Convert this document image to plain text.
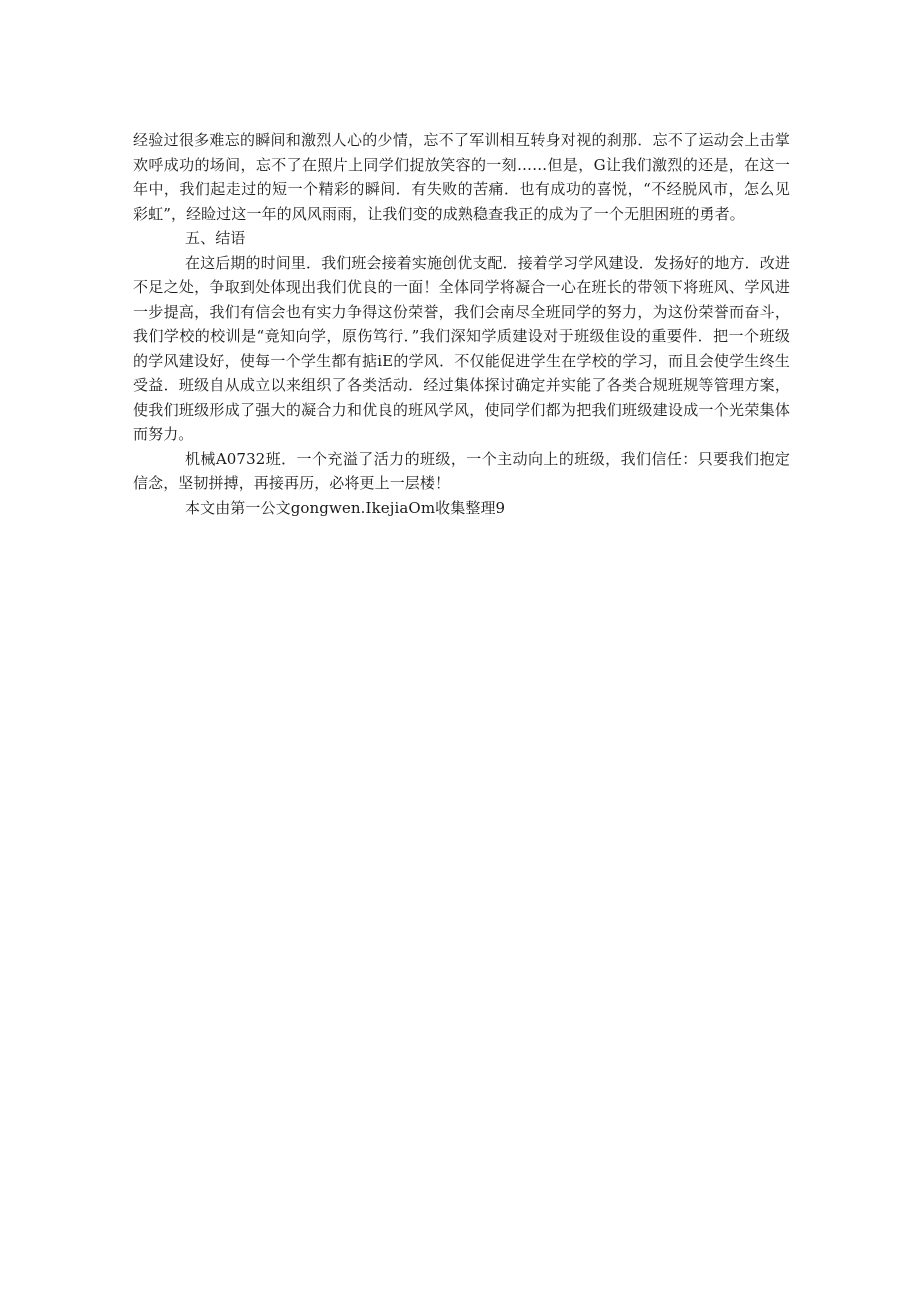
经验过很多难忘的瞬间和激烈人心的少情，忘不了军训相互转身对视的刹那．忘不了运动会上击掌欢呼成功的场间，忘不了在照片上同学们捉放笑容的一刻……但是，G让我们激烈的还是，在这一年中，我们起走过的短一个精彩的瞬间．有失败的苦痛．也有成功的喜悦，“不经脱风市，怎么见彩虹”，经睑过这一年的风风雨雨，让我们变的成熟稳查我正的成为了一个无胆困班的勇者。

五、结语

在这后期的时间里．我们班会接着实施创优支配．接着学习学风建设．发扬好的地方．改进不足之处，争取到处体现出我们优良的一面！全体同学将凝合一心在班长的带领下将班风、学风进一步提高，我们有信会也有实力争得这份荣誉，我们会南尽全班同学的努力，为这份荣誉而奋斗，我们学校的校训是“竟知向学，原伤笃行．”我们深知学质建设对于班级隹设的重要件．把一个班级的学风建设好，使每一个学生都有掂iE的学风．不仅能促进学生在学校的学习，而且会使学生终生受益．班级自从成立以来组织了各类活动．经过集体探讨确定并实能了各类合规班规等管理方案，使我们班级形成了强大的凝合力和优良的班风学风，使同学们都为把我们班级建设成一个光荣集体而努力。

机械A0732班．一个充溢了活力的班级，一个主动向上的班级，我们信任：只要我们抱定信念，坚韧拼搏，再接再历，必将更上一层楼！

本文由第一公文gongwen.IkejiaOm收集整理9
